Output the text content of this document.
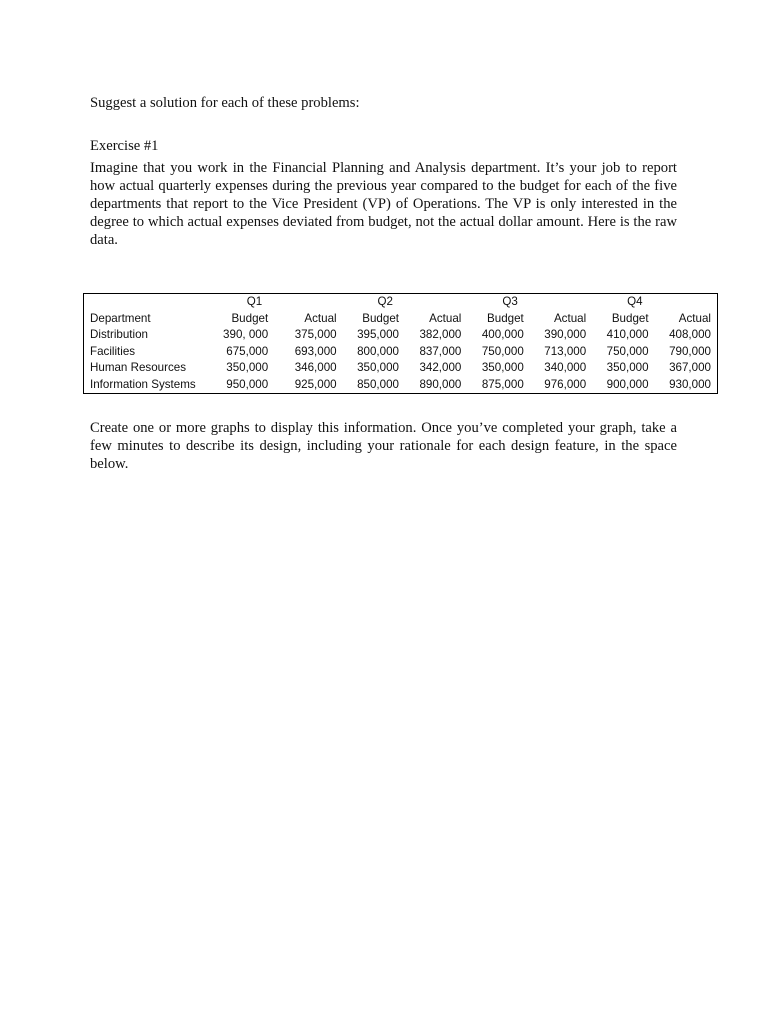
Suggest a solution for each of these problems:

Exercise #1

Imagine that you work in the Financial Planning and Analysis department. It’s your job to report how actual quarterly expenses during the previous year compared to the budget for each of the five departments that report to the Vice President (VP) of Operations. The VP is only interested in the degree to which actual expenses deviated from budget, not the actual dollar amount. Here is the raw data.

	Q1		Q2		Q3		Q4	
Department	Budget	Actual	Budget	Actual	Budget	Actual	Budget	Actual
Distribution	390, 000	375,000	395,000	382,000	400,000	390,000	410,000	408,000
Facilities	675,000	693,000	800,000	837,000	750,000	713,000	750,000	790,000
Human Resources	350,000	346,000	350,000	342,000	350,000	340,000	350,000	367,000
Information Systems	950,000	925,000	850,000	890,000	875,000	976,000	900,000	930,000

Create one or more graphs to display this information. Once you’ve completed your graph, take a few minutes to describe its design, including your rationale for each design feature, in the space below.
